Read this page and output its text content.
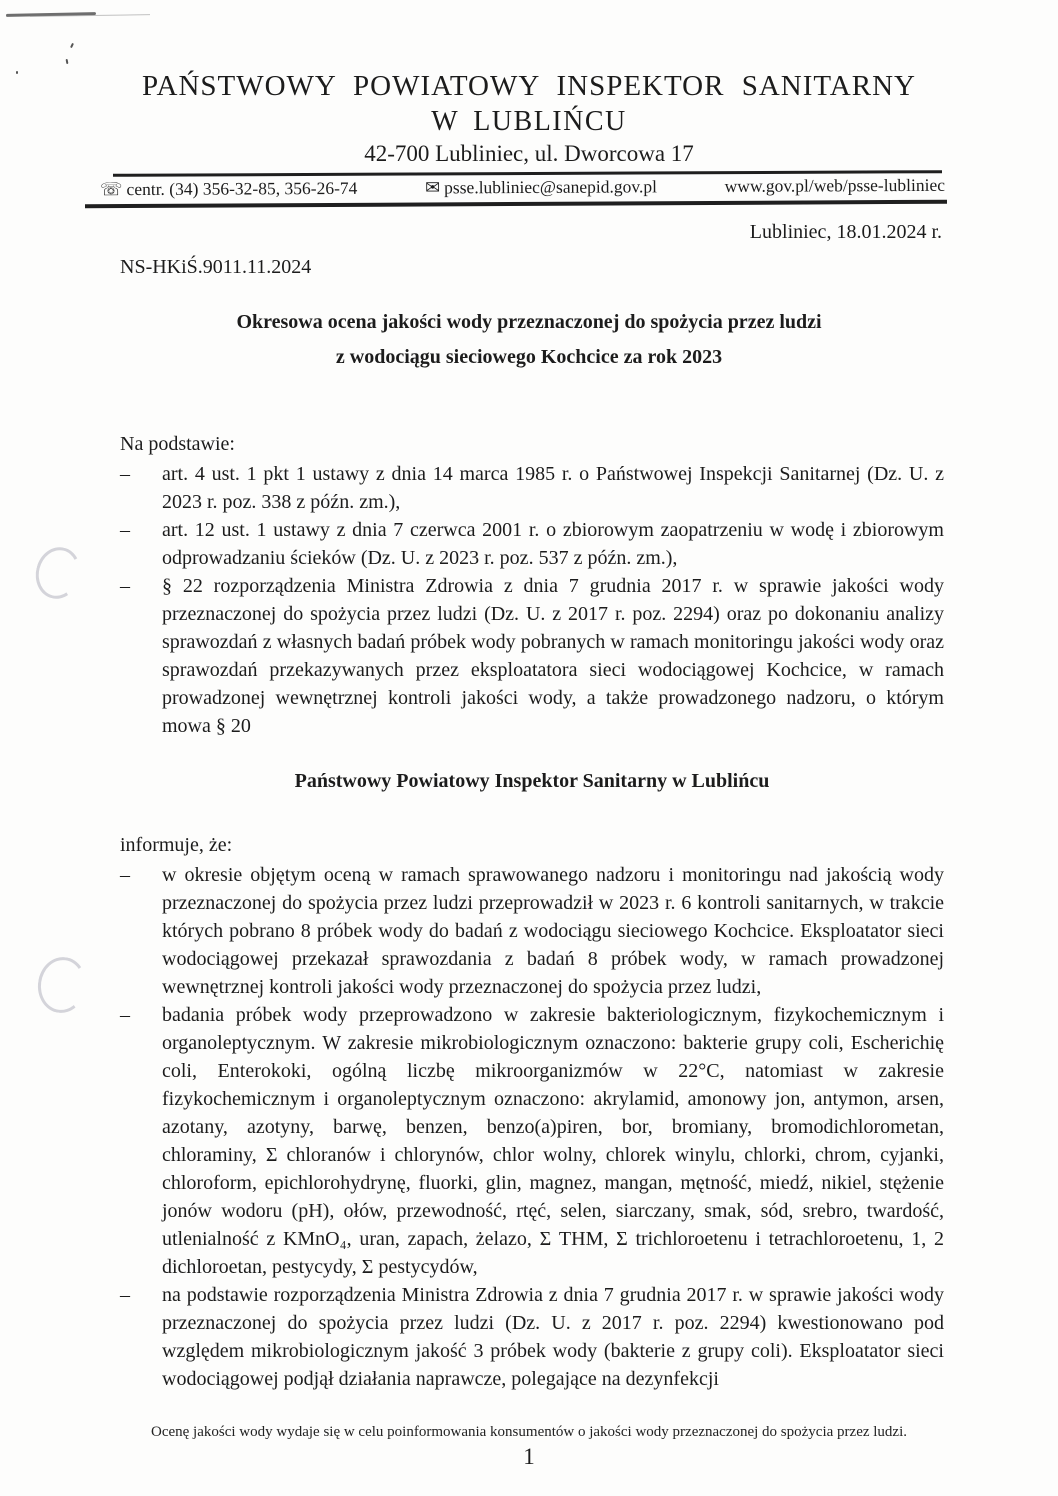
PAŃSTWOWY POWIATOWY INSPEKTOR SANITARNY
W LUBLIŃCU
42-700 Lubliniec, ul. Dworcowa 17
☏ centr. (34) 356-32-85, 356-26-74	✉ psse.lubliniec@sanepid.gov.pl	www.gov.pl/web/psse-lubliniec
Lubliniec, 18.01.2024 r.
NS-HKiŚ.9011.11.2024
Okresowa ocena jakości wody przeznaczonej do spożycia przez ludzi
z wodociągu sieciowego Kochcice za rok 2023
Na podstawie:
–	art. 4 ust. 1 pkt 1 ustawy z dnia 14 marca 1985 r. o Państwowej Inspekcji Sanitarnej (Dz. U. z 2023 r. poz. 338 z późn. zm.),
–	art. 12 ust. 1 ustawy z dnia 7 czerwca 2001 r. o zbiorowym zaopatrzeniu w wodę i zbiorowym odprowadzaniu ścieków (Dz. U. z 2023 r. poz. 537 z późn. zm.),
–	§ 22 rozporządzenia Ministra Zdrowia z dnia 7 grudnia 2017 r. w sprawie jakości wody przeznaczonej do spożycia przez ludzi (Dz. U. z 2017 r. poz. 2294) oraz po dokonaniu analizy sprawozdań z własnych badań próbek wody pobranych w ramach monitoringu jakości wody oraz sprawozdań przekazywanych przez eksploatatora sieci wodociągowej Kochcice, w ramach prowadzonej wewnętrznej kontroli jakości wody, a także prowadzonego nadzoru, o którym mowa § 20
Państwowy Powiatowy Inspektor Sanitarny w Lublińcu
informuje, że:
–	w okresie objętym oceną w ramach sprawowanego nadzoru i monitoringu nad jakością wody przeznaczonej do spożycia przez ludzi przeprowadził w 2023 r. 6 kontroli sanitarnych, w trakcie których pobrano 8 próbek wody do badań z wodociągu sieciowego Kochcice. Eksploatator sieci wodociągowej przekazał sprawozdania z badań 8 próbek wody, w ramach prowadzonej wewnętrznej kontroli jakości wody przeznaczonej do spożycia przez ludzi,
–	badania próbek wody przeprowadzono w zakresie bakteriologicznym, fizykochemicznym i organoleptycznym. W zakresie mikrobiologicznym oznaczono: bakterie grupy coli, Escherichię coli, Enterokoki, ogólną liczbę mikroorganizmów w 22°C, natomiast w zakresie fizykochemicznym i organoleptycznym oznaczono: akrylamid, amonowy jon, antymon, arsen, azotany, azotyny, barwę, benzen, benzo(a)piren, bor, bromiany, bromodichlorometan, chloraminy, Σ chloranów i chlorynów, chlor wolny, chlorek winylu, chlorki, chrom, cyjanki, chloroform, epichlorohydrynę, fluorki, glin, magnez, mangan, mętność, miedź, nikiel, stężenie jonów wodoru (pH), ołów, przewodność, rtęć, selen, siarczany, smak, sód, srebro, twardość, utlenialność z KMnO₄, uran, zapach, żelazo, Σ THM, Σ trichloroetenu i tetrachloroetenu, 1, 2 dichloroetan, pestycydy, Σ pestycydów,
–	na podstawie rozporządzenia Ministra Zdrowia z dnia 7 grudnia 2017 r. w sprawie jakości wody przeznaczonej do spożycia przez ludzi (Dz. U. z 2017 r. poz. 2294) kwestionowano pod względem mikrobiologicznym jakość 3 próbek wody (bakterie z grupy coli). Eksploatator sieci wodociągowej podjął działania naprawcze, polegające na dezynfekcji
Ocenę jakości wody wydaje się w celu poinformowania konsumentów o jakości wody przeznaczonej do spożycia przez ludzi.
1
